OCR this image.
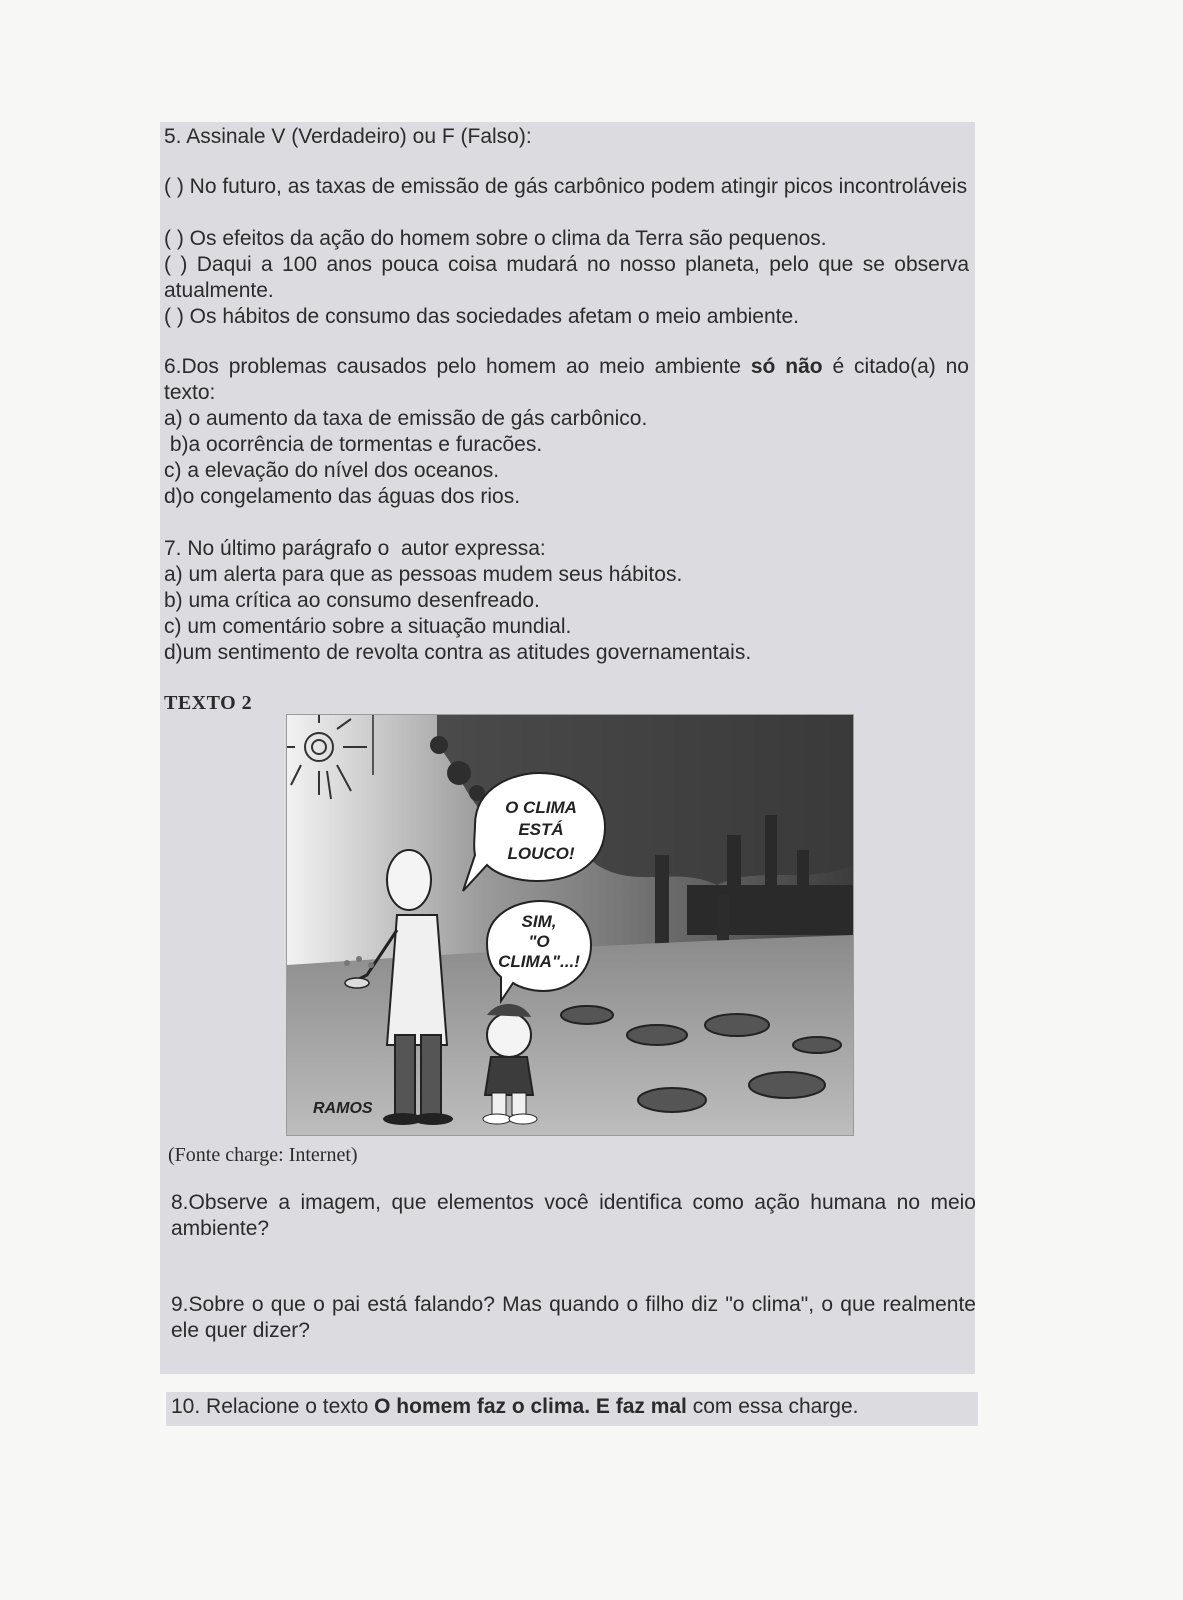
5. Assinale V (Verdadeiro) ou F (Falso):

( ) No futuro, as taxas de emissão de gás carbônico podem atingir picos incontroláveis

( ) Os efeitos da ação do homem sobre o clima da Terra são pequenos.

( ) Daqui a 100 anos pouca coisa mudará no nosso planeta, pelo que se observa atualmente.

( ) Os hábitos de consumo das sociedades afetam o meio ambiente.

6.Dos problemas causados pelo homem ao meio ambiente só não é citado(a) no texto:

a) o aumento da taxa de emissão de gás carbônico.

b)a ocorrência de tormentas e furacões.

c) a elevação do nível dos oceanos.

d)o congelamento das águas dos rios.

7. No último parágrafo o  autor expressa:

a) um alerta para que as pessoas mudem seus hábitos.

b) uma crítica ao consumo desenfreado.

c) um comentário sobre a situação mundial.

d)um sentimento de revolta contra as atitudes governamentais.

TEXTO 2

O CLIMA
ESTÁ
LOUCO!
SIM,
"O
CLIMA"...!
RAMOS

(Fonte charge: Internet)

8.Observe a imagem, que elementos você identifica como ação humana no meio ambiente?

9.Sobre o que o pai está falando? Mas quando o filho diz "o clima", o que realmente ele quer dizer?

10. Relacione o texto O homem faz o clima. E faz mal com essa charge.
